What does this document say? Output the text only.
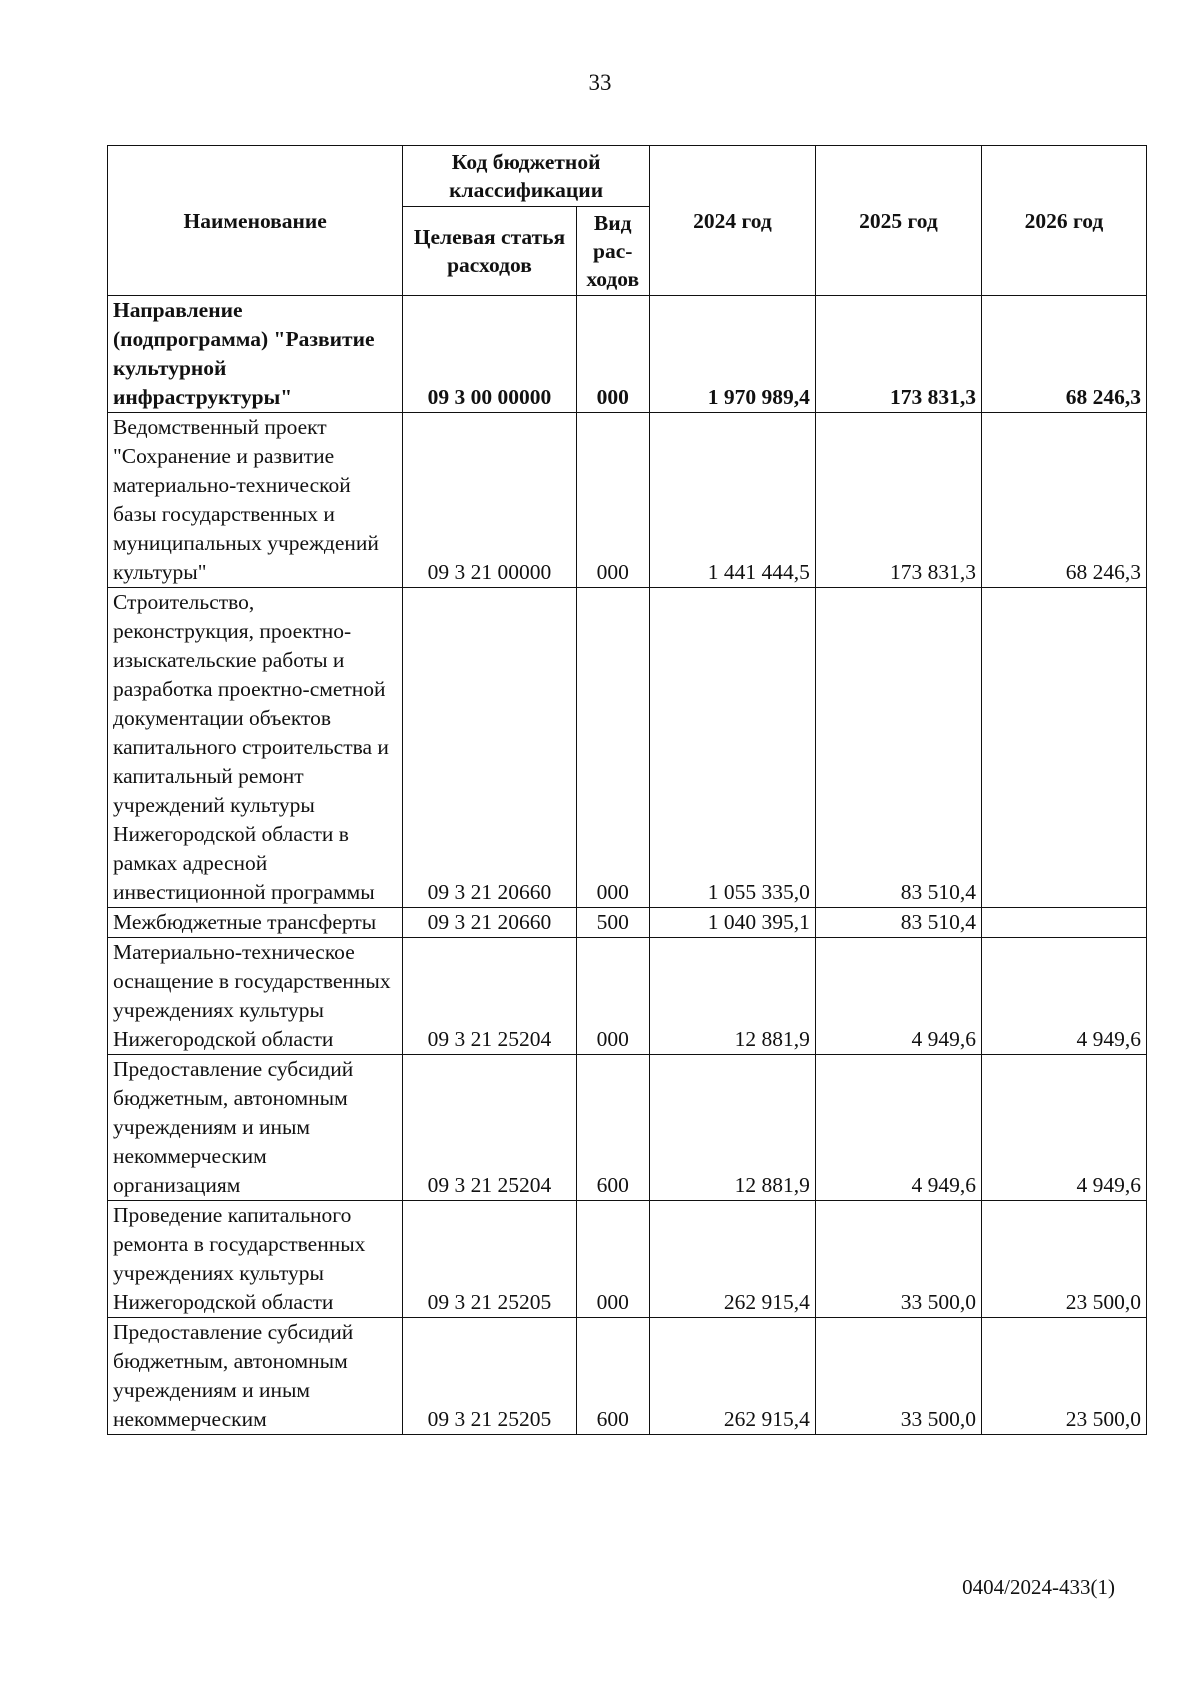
33
Наименование	Код бюджетной классификации		2024 год	2025 год	2026 год
	Целевая статья расходов	Вид рас-ходов			
Направление (подпрограмма) "Развитие культурной инфраструктуры"	09 3 00 00000	000	1 970 989,4	173 831,3	68 246,3
Ведомственный проект "Сохранение и развитие материально-технической базы государственных и муниципальных учреждений культуры"	09 3 21 00000	000	1 441 444,5	173 831,3	68 246,3
Строительство, реконструкция, проектно-изыскательские работы и разработка проектно-сметной документации объектов капитального строительства и капитальный ремонт учреждений культуры Нижегородской области в рамках адресной инвестиционной программы	09 3 21 20660	000	1 055 335,0	83 510,4	
Межбюджетные трансферты	09 3 21 20660	500	1 040 395,1	83 510,4	
Материально-техническое оснащение в государственных учреждениях культуры Нижегородской области	09 3 21 25204	000	12 881,9	4 949,6	4 949,6
Предоставление субсидий бюджетным, автономным учреждениям и иным некоммерческим организациям	09 3 21 25204	600	12 881,9	4 949,6	4 949,6
Проведение капитального ремонта в государственных учреждениях культуры Нижегородской области	09 3 21 25205	000	262 915,4	33 500,0	23 500,0
Предоставление субсидий бюджетным, автономным учреждениям и иным некоммерческим	09 3 21 25205	600	262 915,4	33 500,0	23 500,0
0404/2024-433(1)
